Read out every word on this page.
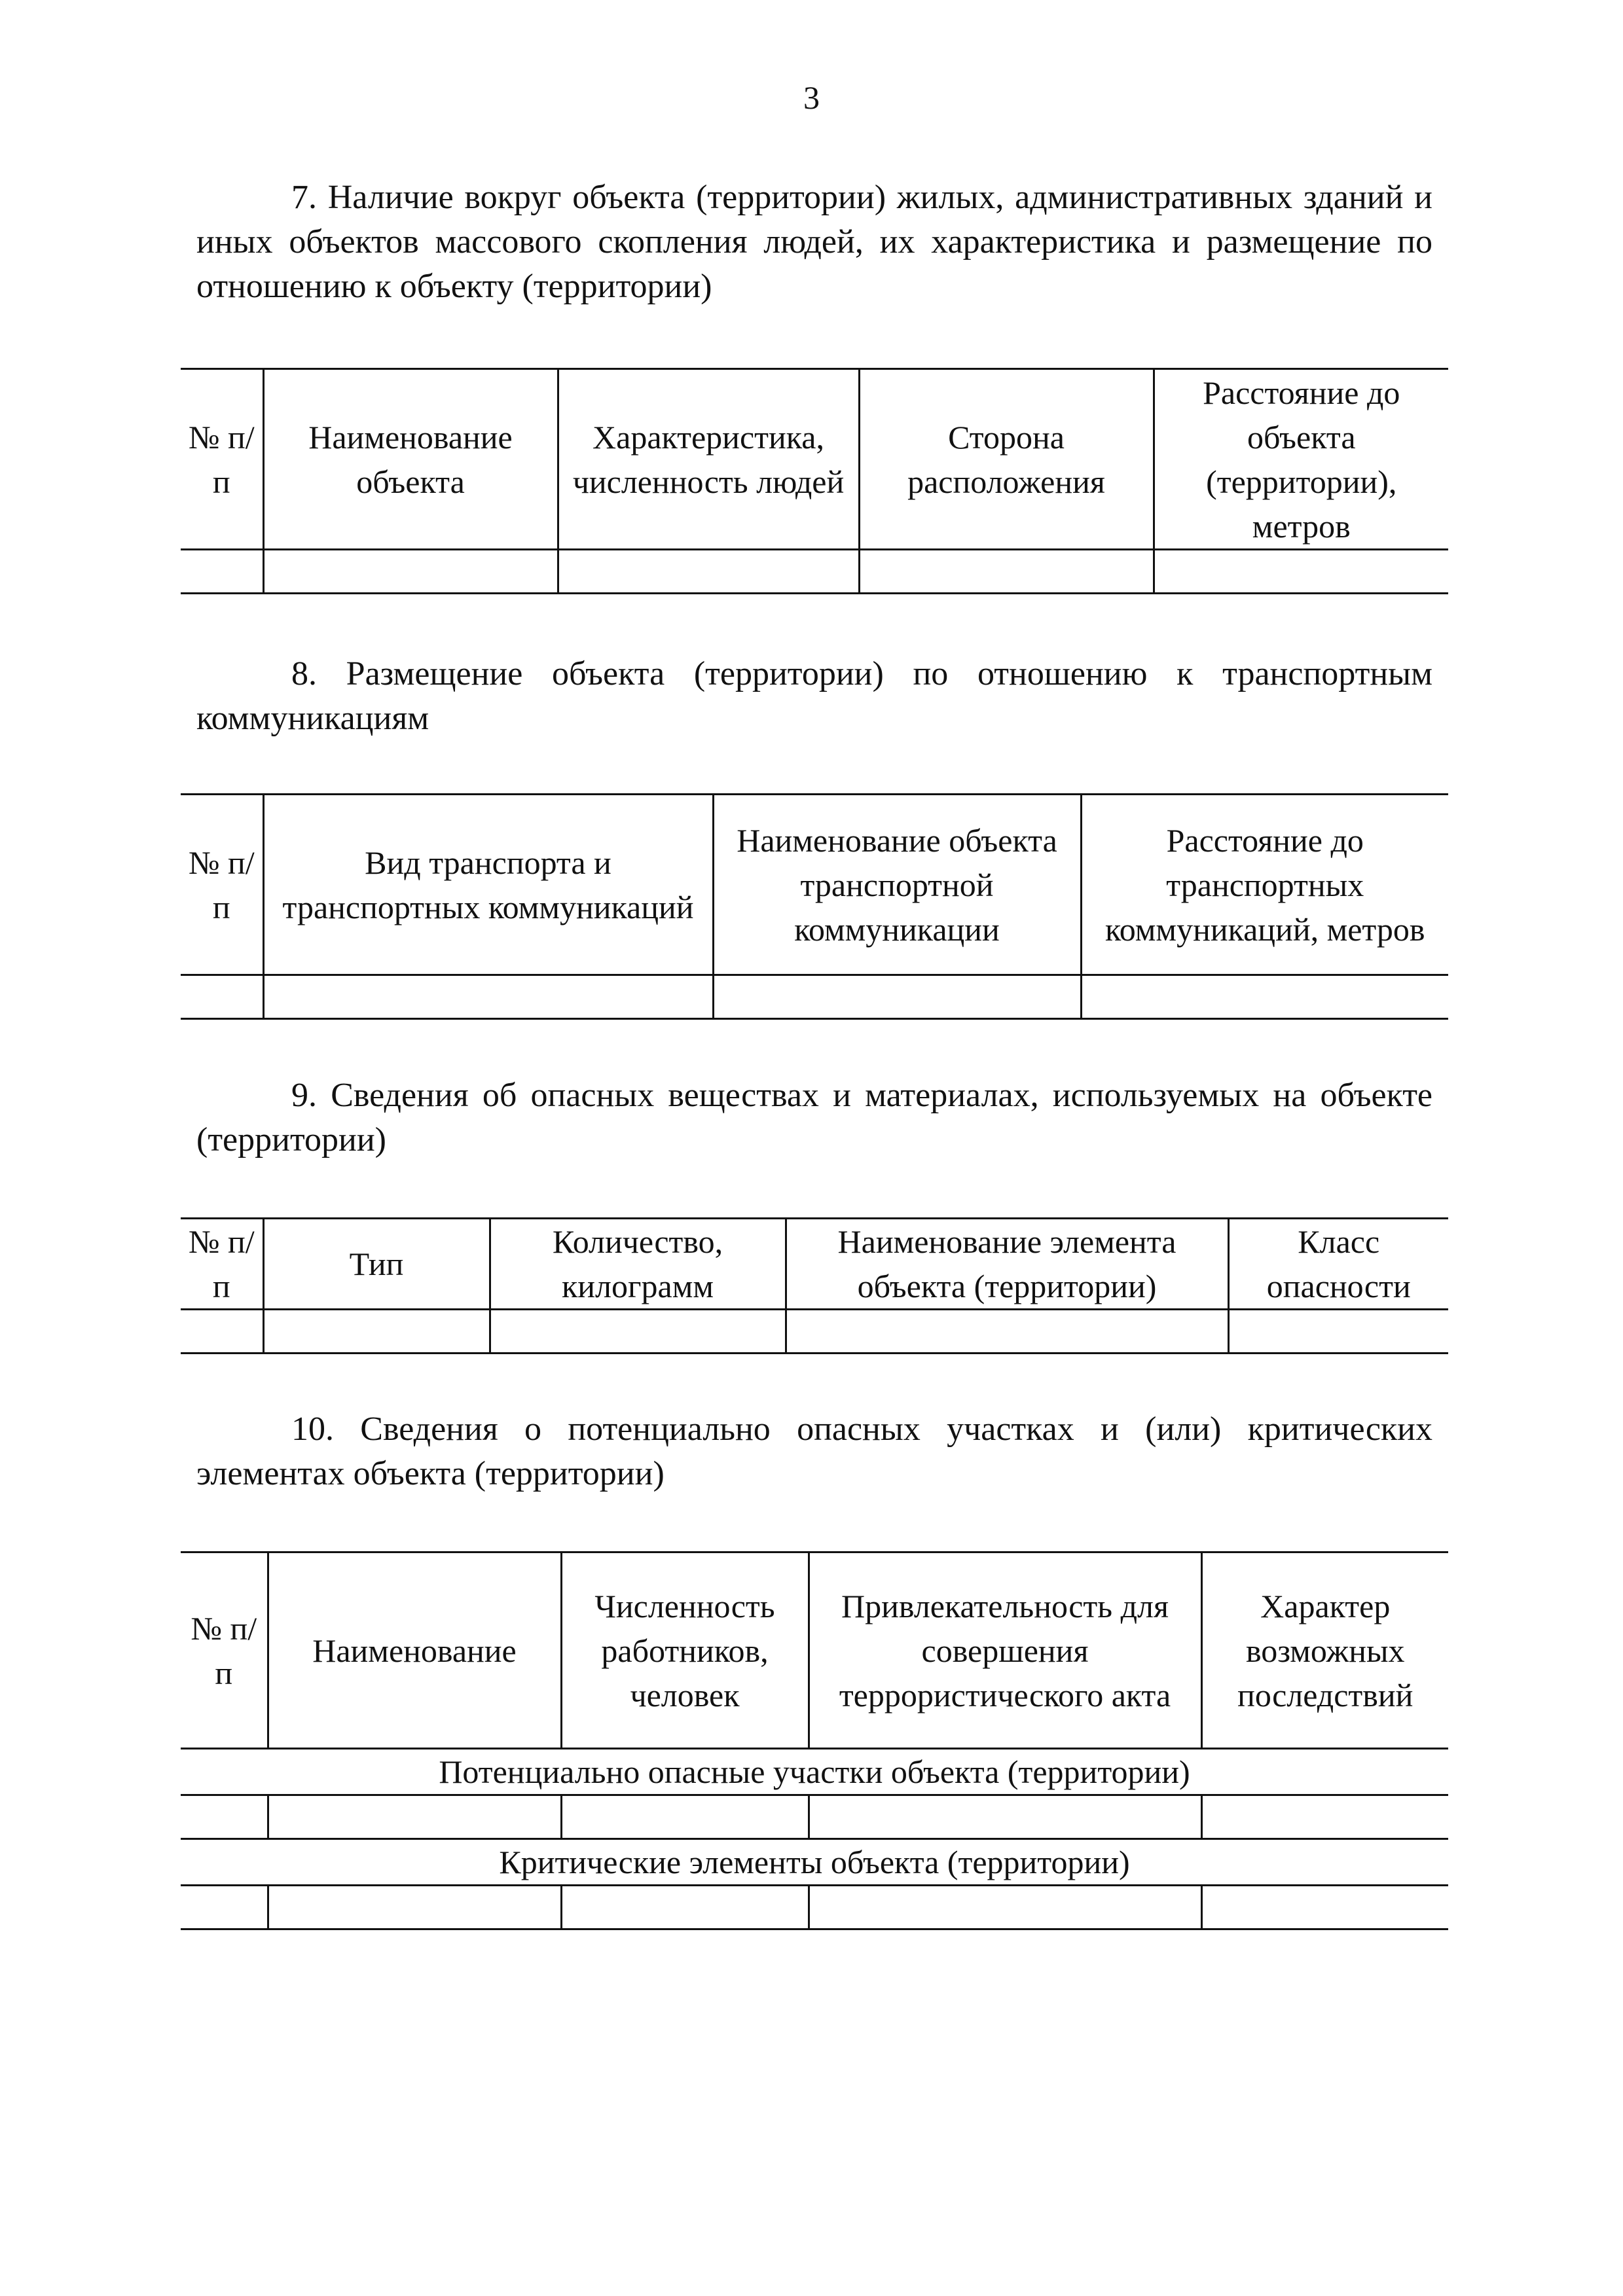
3

7. Наличие вокруг объекта (территории) жилых, административных зданий и иных объектов массового скопления людей, их характеристика и размещение по отношению к объекту (территории)

№ п/п	Наименование объекта	Характеристика, численность людей	Сторона расположения	Расстояние до объекта (территории), метров

8. Размещение объекта (территории) по отношению к транспортным коммуникациям

№ п/п	Вид транспорта и транспортных коммуникаций	Наименование объекта транспортной коммуникации	Расстояние до транспортных коммуникаций, метров

9. Сведения об опасных веществах и материалах, используемых на объекте (территории)

№ п/п	Тип	Количество, килограмм	Наименование элемента объекта (территории)	Класс опасности

10. Сведения о потенциально опасных участках и (или) критических элементах объекта (территории)

№ п/п	Наименование	Численность работников, человек	Привлекательность для совершения террористического акта	Характер возможных последствий
Потенциально опасные участки объекта (территории)				

Критические элементы объекта (территории)				
